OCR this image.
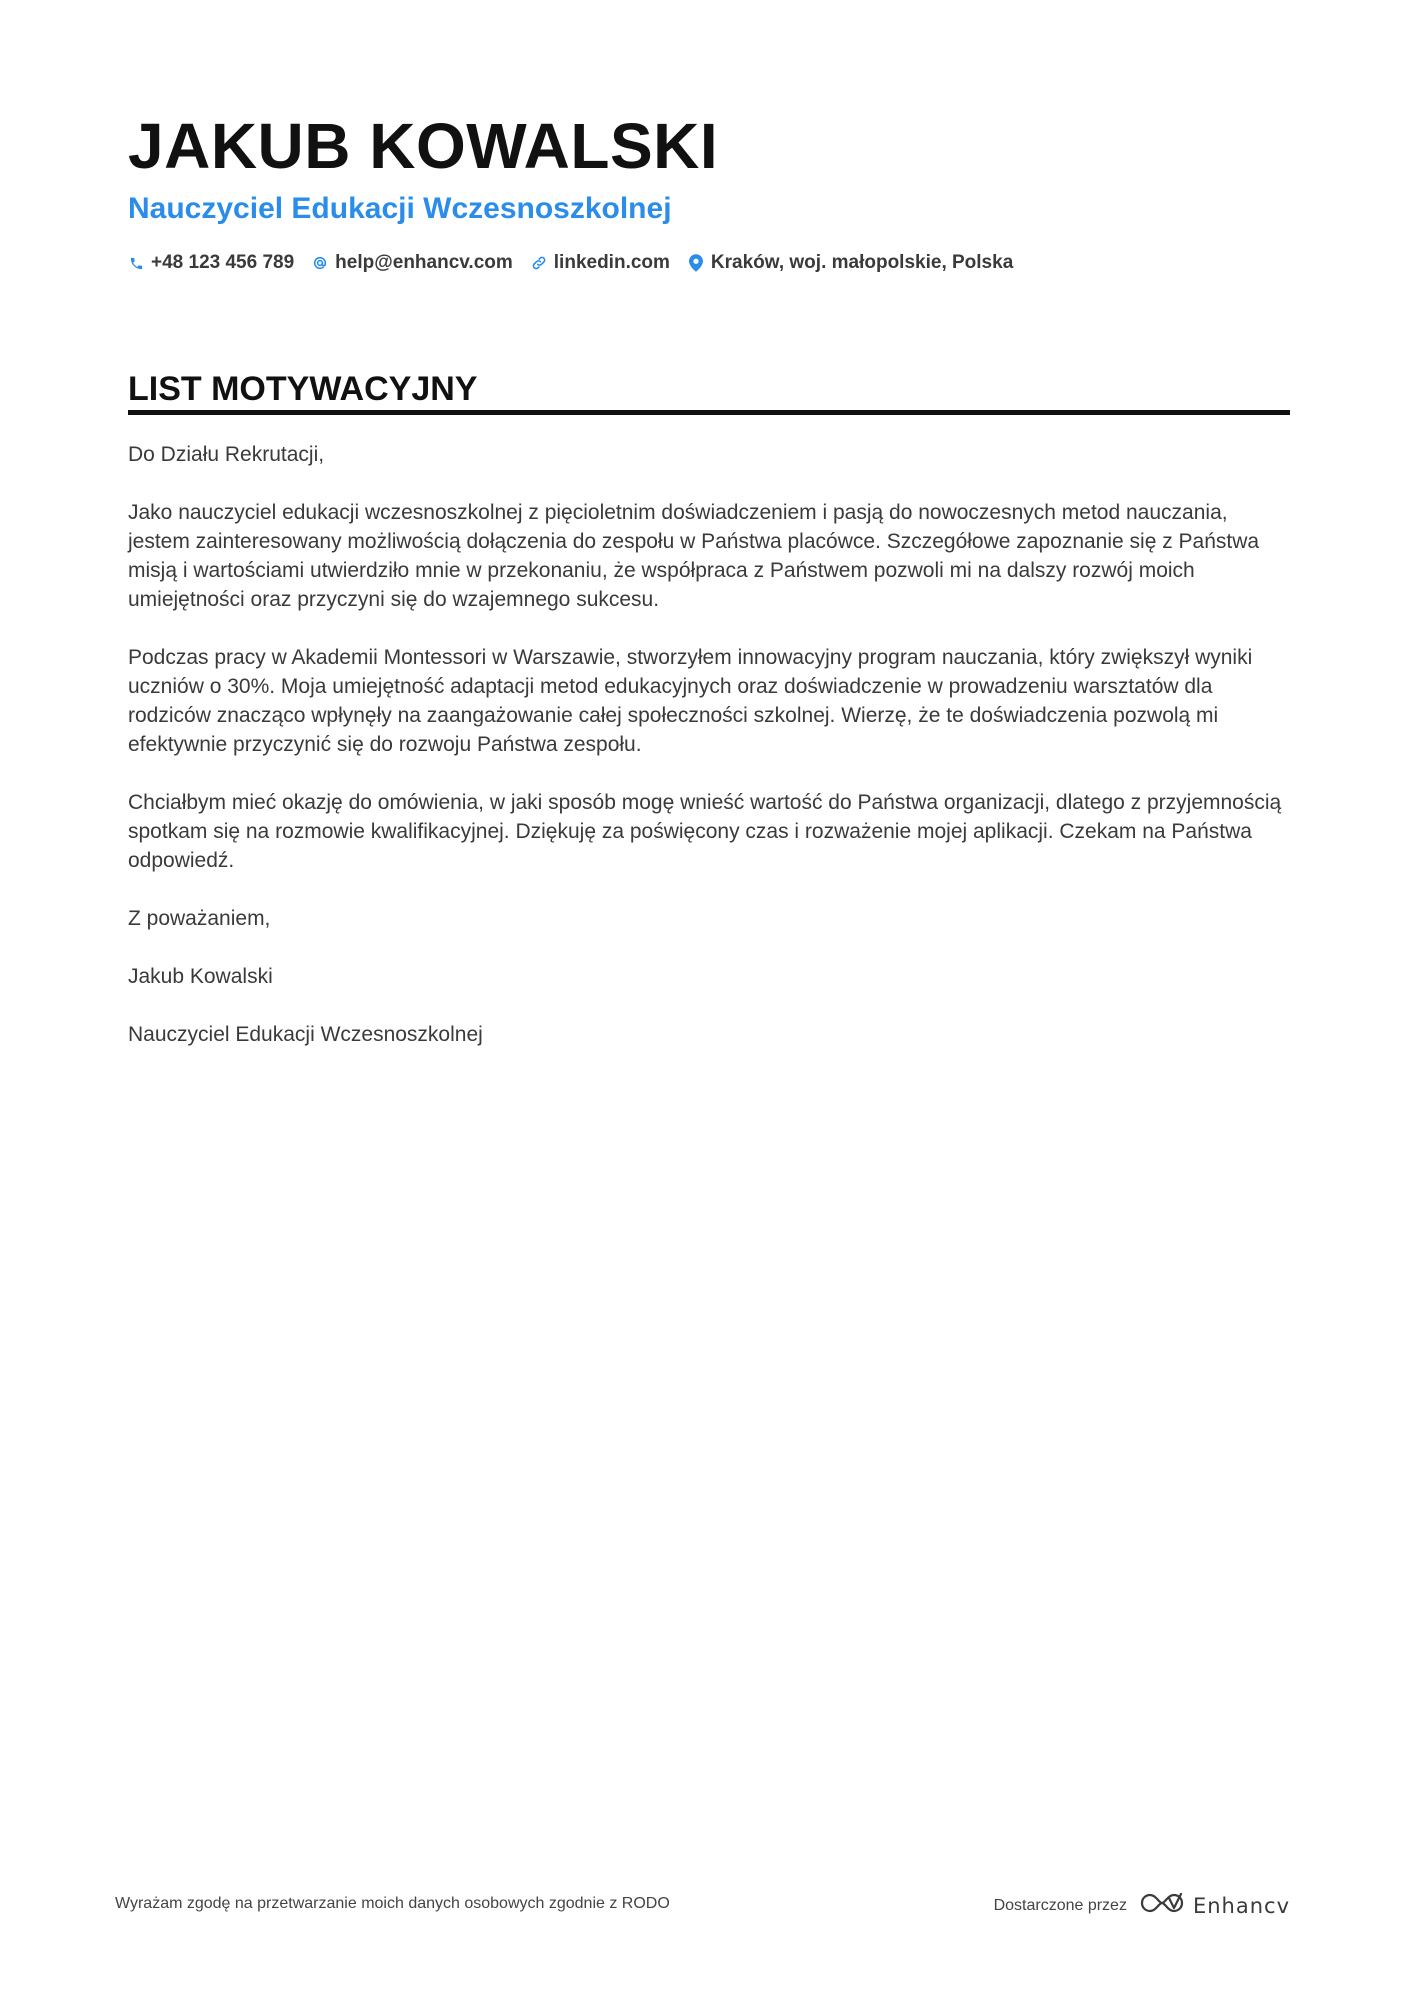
JAKUB KOWALSKI
Nauczyciel Edukacji Wczesnoszkolnej
+48 123 456 789 help@enhancv.com linkedin.com Kraków, woj. małopolskie, Polska
LIST MOTYWACYJNY

Do Działu Rekrutacji,

Jako nauczyciel edukacji wczesnoszkolnej z pięcioletnim doświadczeniem i pasją do nowoczesnych metod nauczania, jestem zainteresowany możliwością dołączenia do zespołu w Państwa placówce. Szczegółowe zapoznanie się z Państwa misją i wartościami utwierdziło mnie w przekonaniu, że współpraca z Państwem pozwoli mi na dalszy rozwój moich umiejętności oraz przyczyni się do wzajemnego sukcesu.

Podczas pracy w Akademii Montessori w Warszawie, stworzyłem innowacyjny program nauczania, który zwiększył wyniki uczniów o 30%. Moja umiejętność adaptacji metod edukacyjnych oraz doświadczenie w prowadzeniu warsztatów dla rodziców znacząco wpłynęły na zaangażowanie całej społeczności szkolnej. Wierzę, że te doświadczenia pozwolą mi efektywnie przyczynić się do rozwoju Państwa zespołu.

Chciałbym mieć okazję do omówienia, w jaki sposób mogę wnieść wartość do Państwa organizacji, dlatego z przyjemnością spotkam się na rozmowie kwalifikacyjnej. Dziękuję za poświęcony czas i rozważenie mojej aplikacji. Czekam na Państwa odpowiedź.

Z poważaniem,

Jakub Kowalski

Nauczyciel Edukacji Wczesnoszkolnej

Wyrażam zgodę na przetwarzanie moich danych osobowych zgodnie z RODO	Dostarczone przez	Enhancv
